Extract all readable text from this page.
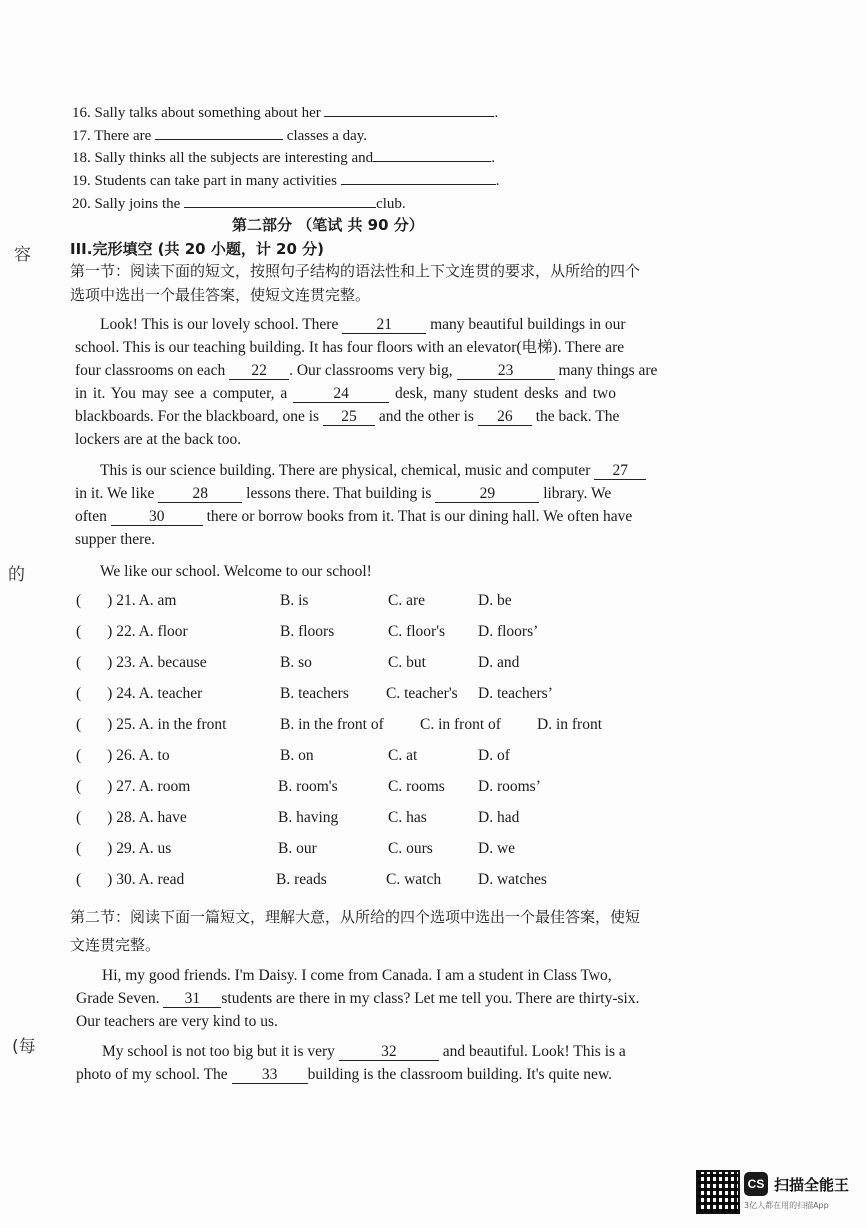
16. Sally talks about something about her	.
17. There are	classes a day.
18. Sally thinks all the subjects are interesting and	.
19. Students can take part in many activities	.
20. Sally joins the	club.
第二部分 （笔试 共 90 分）
III.完形填空 (共 20 小题，计 20 分)
第一节：阅读下面的短文，按照句子结构的语法性和上下文连贯的要求，从所给的四个
选项中选出一个最佳答案，使短文连贯完整。
Look! This is our lovely school. There 21 many beautiful buildings in our
school. This is our teaching building. It has four floors with an elevator(电梯). There are
four classrooms on each 22 . Our classrooms very big,	23	many things are
in it. You may see a computer, a	24	desk, many student desks and two
blackboards. For the blackboard, one is 25 and the other is 26 the back. The
lockers are at the back too.
This is our science building. There are physical, chemical, music and computer 27
in it. We like 28 lessons there. That building is	29	library. We
often	30	there or borrow books from it. That is our dining hall. We often have
supper there.
We like our school. Welcome to our school!
( ) 21. A. am	B. is	C. are	D. be
( ) 22. A. floor	B. floors	C. floor's D. floors’
( ) 23. A. because	B. so	C. but	D. and
( ) 24. A. teacher	B. teachers C. teacher's D. teachers’
( ) 25. A. in the front	B. in the front of C. in front of D. in front
( ) 26. A. to	B. on	C. at	D. of
( ) 27. A. room	B. room's	C. rooms D. rooms’
( ) 28. A. have	B. having	C. has	D. had
( ) 29. A. us	B. our	C. ours	D. we
( ) 30. A. read	B. reads	C. watch D. watches
第二节：阅读下面一篇短文，理解大意，从所给的四个选项中选出一个最佳答案，使短
文连贯完整。
Hi, my good friends. I'm Daisy. I come from Canada. I am a student in Class Two,
Grade Seven. 31 students are there in my class? Let me tell you. There are thirty-six.
Our teachers are very kind to us.
My school is not too big but it is very	32	and beautiful. Look! This is a
photo of my school. The 33 building is the classroom building. It's quite new.
容
的
(每
CS 扫描全能王
3亿人都在用的扫描App
